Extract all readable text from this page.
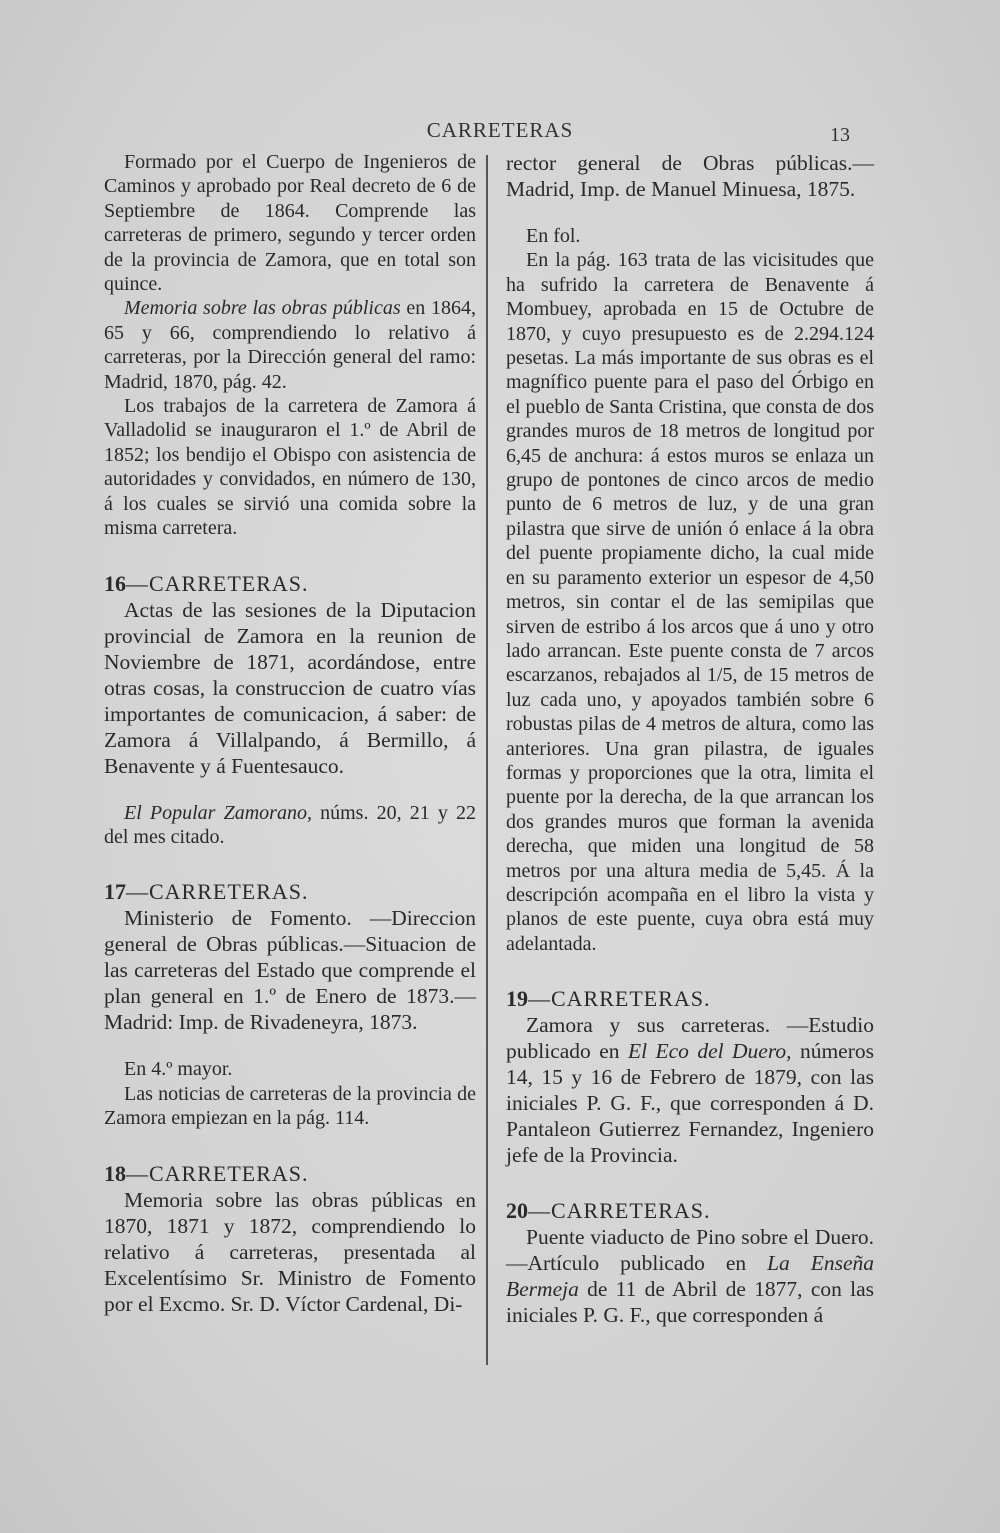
CARRETERAS	13

Formado por el Cuerpo de Ingenieros de Caminos y aprobado por Real decreto de 6 de Septiembre de 1864. Comprende las carreteras de primero, segundo y tercer orden de la provincia de Zamora, que en total son quince.

Memoria sobre las obras públicas en 1864, 65 y 66, comprendiendo lo relativo á carreteras, por la Dirección general del ramo: Madrid, 1870, pág. 42.

Los trabajos de la carretera de Zamora á Valladolid se inauguraron el 1.º de Abril de 1852; los bendijo el Obispo con asistencia de autoridades y convidados, en número de 130, á los cuales se sirvió una comida sobre la misma carretera.

16—CARRETERAS.

Actas de las sesiones de la Diputacion provincial de Zamora en la reunion de Noviembre de 1871, acordándose, entre otras cosas, la construccion de cuatro vías importantes de comunicacion, á saber: de Zamora á Villalpando, á Bermillo, á Benavente y á Fuentesauco.

El Popular Zamorano, núms. 20, 21 y 22 del mes citado.

17—CARRETERAS.

Ministerio de Fomento. —Direccion general de Obras públicas.—Situacion de las carreteras del Estado que comprende el plan general en 1.º de Enero de 1873.—Madrid: Imp. de Rivadeneyra, 1873.

En 4.º mayor.

Las noticias de carreteras de la provincia de Zamora empiezan en la pág. 114.

18—CARRETERAS.

Memoria sobre las obras públicas en 1870, 1871 y 1872, comprendiendo lo relativo á carreteras, presentada al Excelentísimo Sr. Ministro de Fomento por el Excmo. Sr. D. Víctor Cardenal, Di-

rector general de Obras públicas.—Madrid, Imp. de Manuel Minuesa, 1875.

En fol.

En la pág. 163 trata de las vicisitudes que ha sufrido la carretera de Benavente á Mombuey, aprobada en 15 de Octubre de 1870, y cuyo presupuesto es de 2.294.124 pesetas. La más importante de sus obras es el magnífico puente para el paso del Órbigo en el pueblo de Santa Cristina, que consta de dos grandes muros de 18 metros de longitud por 6,45 de anchura: á estos muros se enlaza un grupo de pontones de cinco arcos de medio punto de 6 metros de luz, y de una gran pilastra que sirve de unión ó enlace á la obra del puente propiamente dicho, la cual mide en su paramento exterior un espesor de 4,50 metros, sin contar el de las semipilas que sirven de estribo á los arcos que á uno y otro lado arrancan. Este puente consta de 7 arcos escarzanos, rebajados al 1/5, de 15 metros de luz cada uno, y apoyados también sobre 6 robustas pilas de 4 metros de altura, como las anteriores. Una gran pilastra, de iguales formas y proporciones que la otra, limita el puente por la derecha, de la que arrancan los dos grandes muros que forman la avenida derecha, que miden una longitud de 58 metros por una altura media de 5,45. Á la descripción acompaña en el libro la vista y planos de este puente, cuya obra está muy adelantada.

19—CARRETERAS.

Zamora y sus carreteras. —Estudio publicado en El Eco del Duero, números 14, 15 y 16 de Febrero de 1879, con las iniciales P. G. F., que corresponden á D. Pantaleon Gutierrez Fernandez, Ingeniero jefe de la Provincia.

20—CARRETERAS.

Puente viaducto de Pino sobre el Duero.—Artículo publicado en La Enseña Bermeja de 11 de Abril de 1877, con las iniciales P. G. F., que corresponden á
